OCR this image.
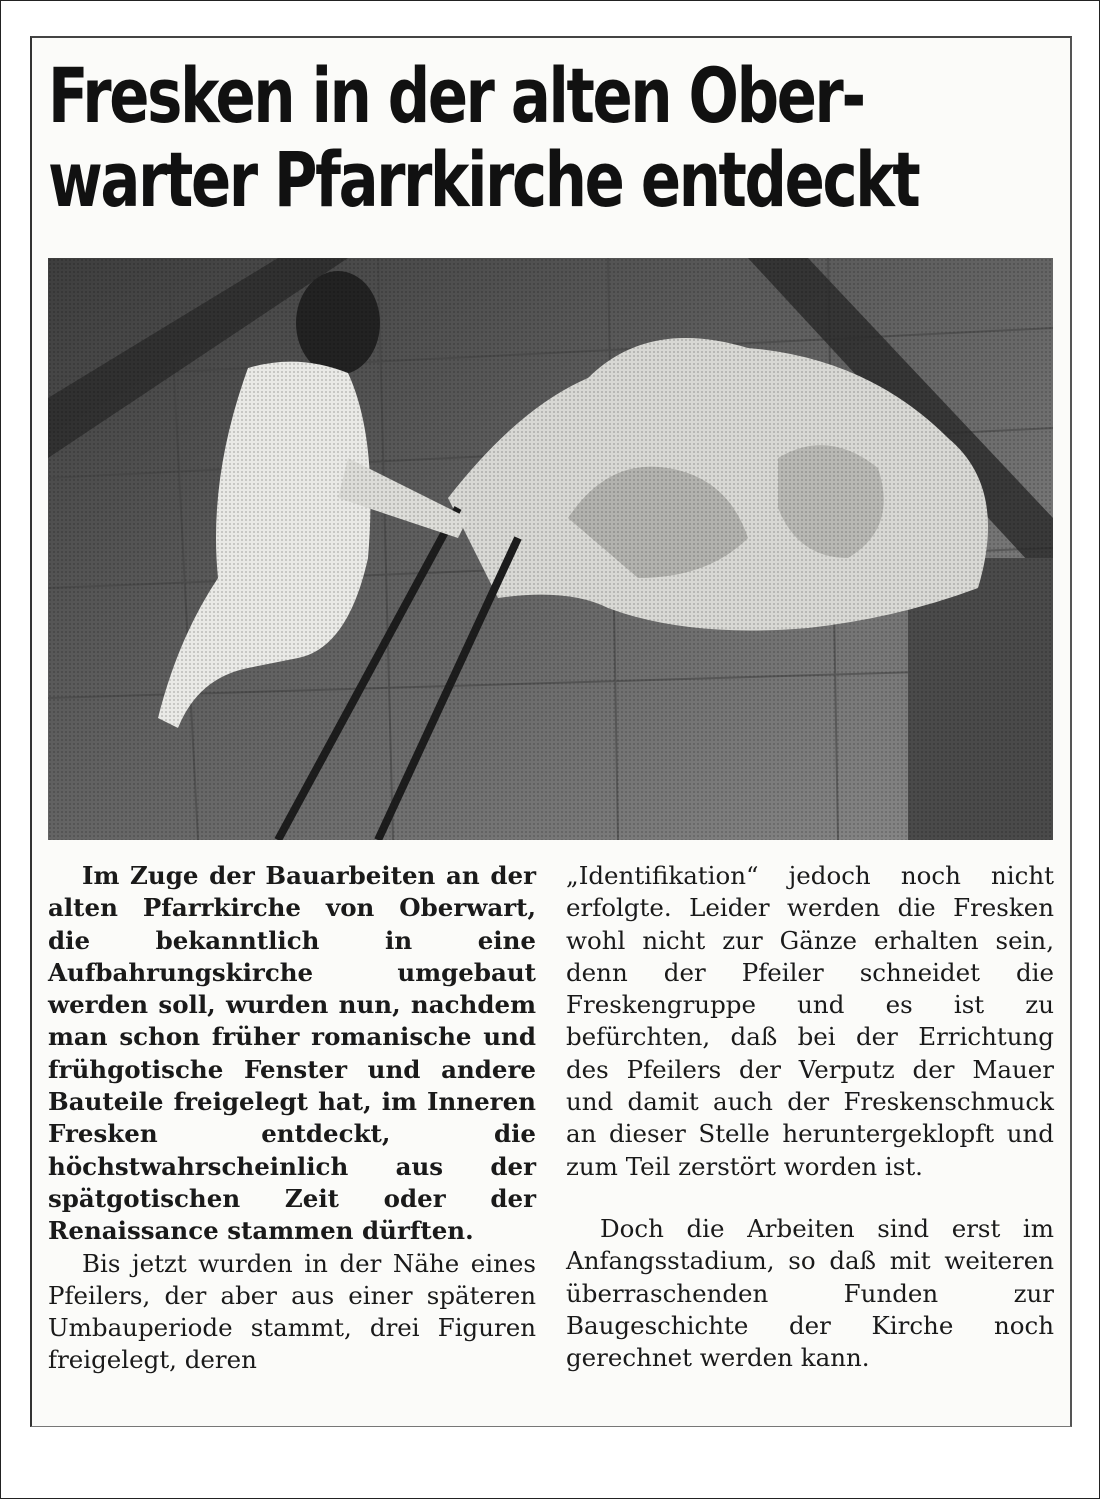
Fresken in der alten Ober-
warter Pfarrkirche entdeckt

Im Zuge der Bauarbeiten an der alten Pfarrkirche von Oberwart, die bekanntlich in eine Aufbahrungskirche umgebaut werden soll, wurden nun, nachdem man schon früher romanische und frühgotische Fenster und andere Bauteile freigelegt hat, im Inneren Fresken entdeckt, die höchstwahrscheinlich aus der spätgotischen Zeit oder der Renaissance stammen dürften.

Bis jetzt wurden in der Nähe eines Pfeilers, der aber aus einer späteren Umbauperiode stammt, drei Figuren freigelegt, deren

„Identifikation“ jedoch noch nicht erfolgte. Leider werden die Fresken wohl nicht zur Gänze erhalten sein, denn der Pfeiler schneidet die Freskengruppe und es ist zu befürchten, daß bei der Errichtung des Pfeilers der Verputz der Mauer und damit auch der Freskenschmuck an dieser Stelle heruntergeklopft und zum Teil zerstört worden ist.

Doch die Arbeiten sind erst im Anfangsstadium, so daß mit weiteren überraschenden Funden zur Baugeschichte der Kirche noch gerechnet werden kann.
